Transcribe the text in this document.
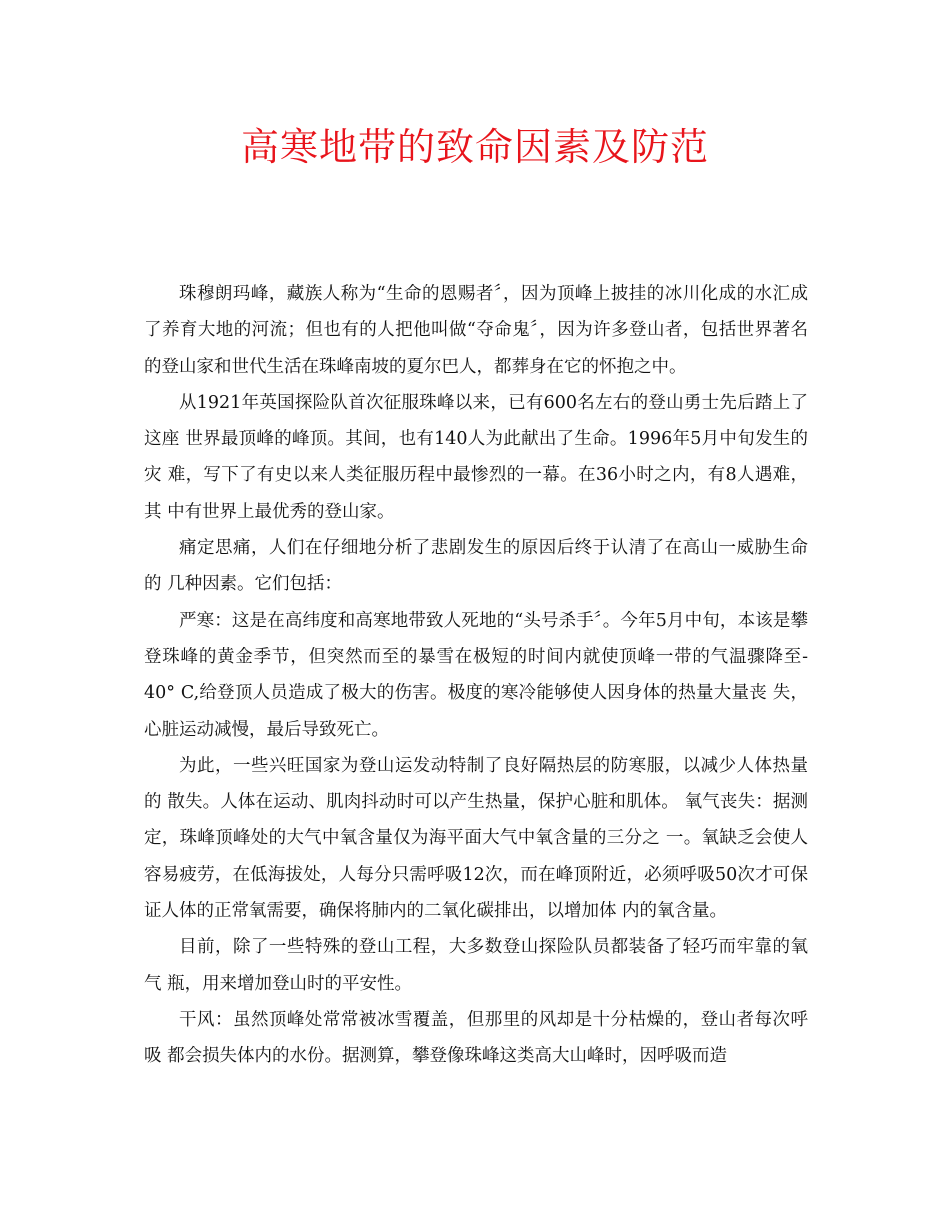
高寒地带的致命因素及防范

珠穆朗玛峰，藏族人称为“生命的恩赐者〞，因为顶峰上披挂的冰川化成的水汇成了养育大地的河流；但也有的人把他叫做“夺命鬼〞，因为许多登山者，包括世界著名的登山家和世代生活在珠峰南坡的夏尔巴人，都葬身在它的怀抱之中。

从1921年英国探险队首次征服珠峰以来，已有600名左右的登山勇士先后踏上了这座 世界最顶峰的峰顶。其间，也有140人为此献出了生命。1996年5月中旬发生的灾 难，写下了有史以来人类征服历程中最惨烈的一幕。在36小时之内，有8人遇难，其 中有世界上最优秀的登山家。

痛定思痛，人们在仔细地分析了悲剧发生的原因后终于认清了在高山一威胁生命的 几种因素。它们包括：

严寒：这是在高纬度和高寒地带致人死地的“头号杀手〞。今年5月中旬，本该是攀 登珠峰的黄金季节，但突然而至的暴雪在极短的时间内就使顶峰一带的气温骤降至- 40° C,给登顶人员造成了极大的伤害。极度的寒冷能够使人因身体的热量大量丧 失，心脏运动减慢，最后导致死亡。

为此，一些兴旺国家为登山运发动特制了良好隔热层的防寒服，以减少人体热量的 散失。人体在运动、肌肉抖动时可以产生热量，保护心脏和肌体。 氧气丧失：据测定，珠峰顶峰处的大气中氧含量仅为海平面大气中氧含量的三分之 一。氧缺乏会使人容易疲劳，在低海拔处，人每分只需呼吸12次，而在峰顶附近，必须呼吸50次才可保证人体的正常氧需要，确保将肺内的二氧化碳排出，以增加体 内的氧含量。

目前，除了一些特殊的登山工程，大多数登山探险队员都装备了轻巧而牢靠的氧气 瓶，用来增加登山时的平安性。

干风：虽然顶峰处常常被冰雪覆盖，但那里的风却是十分枯燥的，登山者每次呼吸 都会损失体内的水份。据测算，攀登像珠峰这类高大山峰时，因呼吸而造
